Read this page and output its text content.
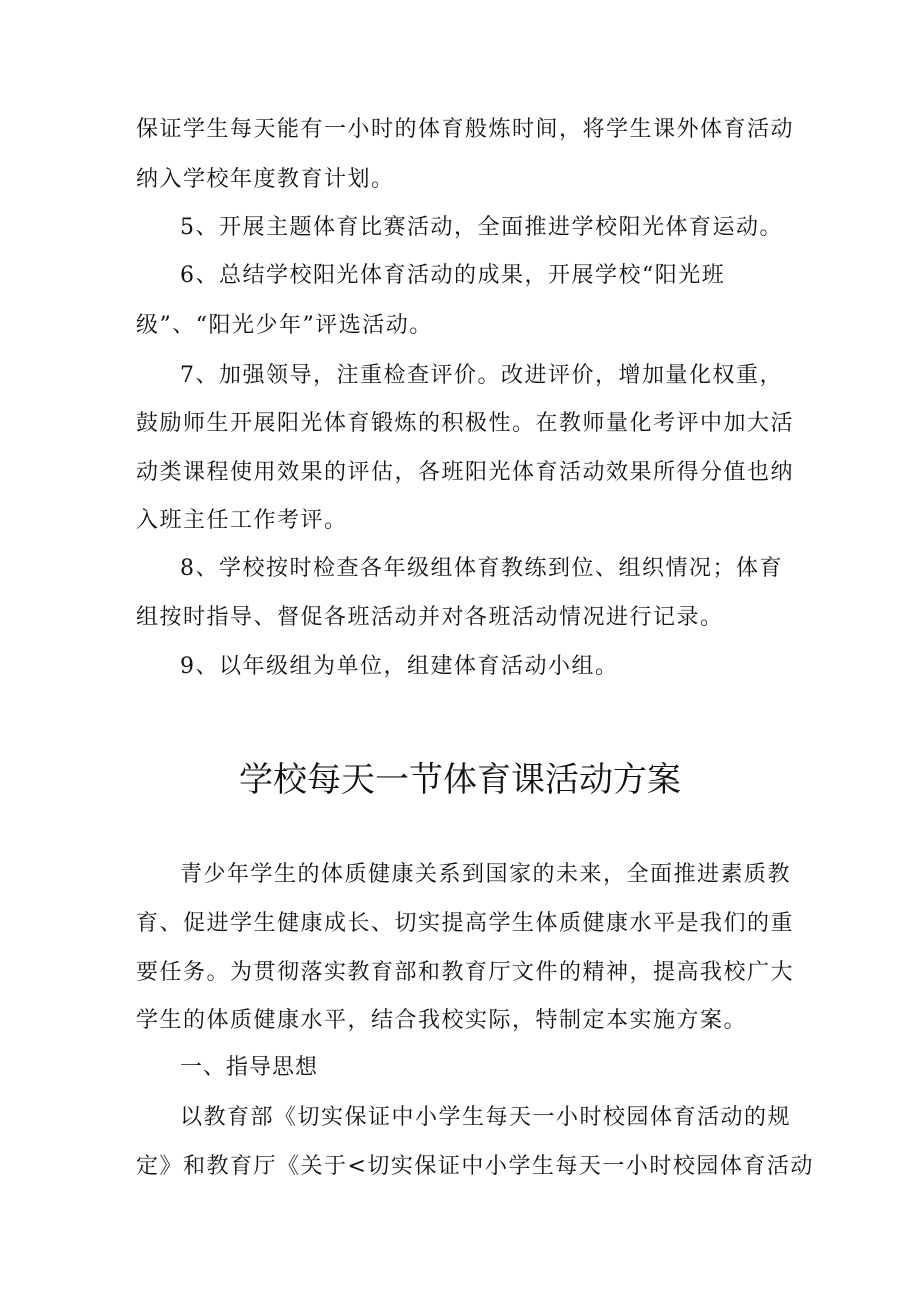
保证学生每天能有一小时的体育般炼时间，将学生课外体育活动
纳入学校年度教育计划。
5、开展主题体育比赛活动，全面推进学校阳光体育运动。
6、总结学校阳光体育活动的成果，开展学校“阳光班
级”、“阳光少年”评选活动。
7、加强领导，注重检查评价。改进评价，增加量化权重，
鼓励师生开展阳光体育锻炼的积极性。在教师量化考评中加大活
动类课程使用效果的评估，各班阳光体育活动效果所得分值也纳
入班主任工作考评。
8、学校按时检查各年级组体育教练到位、组织情况；体育
组按时指导、督促各班活动并对各班活动情况进行记录。
9、以年级组为单位，组建体育活动小组。
学校每天一节体育课活动方案
青少年学生的体质健康关系到国家的未来，全面推进素质教
育、促进学生健康成长、切实提高学生体质健康水平是我们的重
要任务。为贯彻落实教育部和教育厅文件的精神，提高我校广大
学生的体质健康水平，结合我校实际，特制定本实施方案。
一、指导思想
以教育部《切实保证中小学生每天一小时校园体育活动的规
定》和教育厅《关于<切实保证中小学生每天一小时校园体育活动
